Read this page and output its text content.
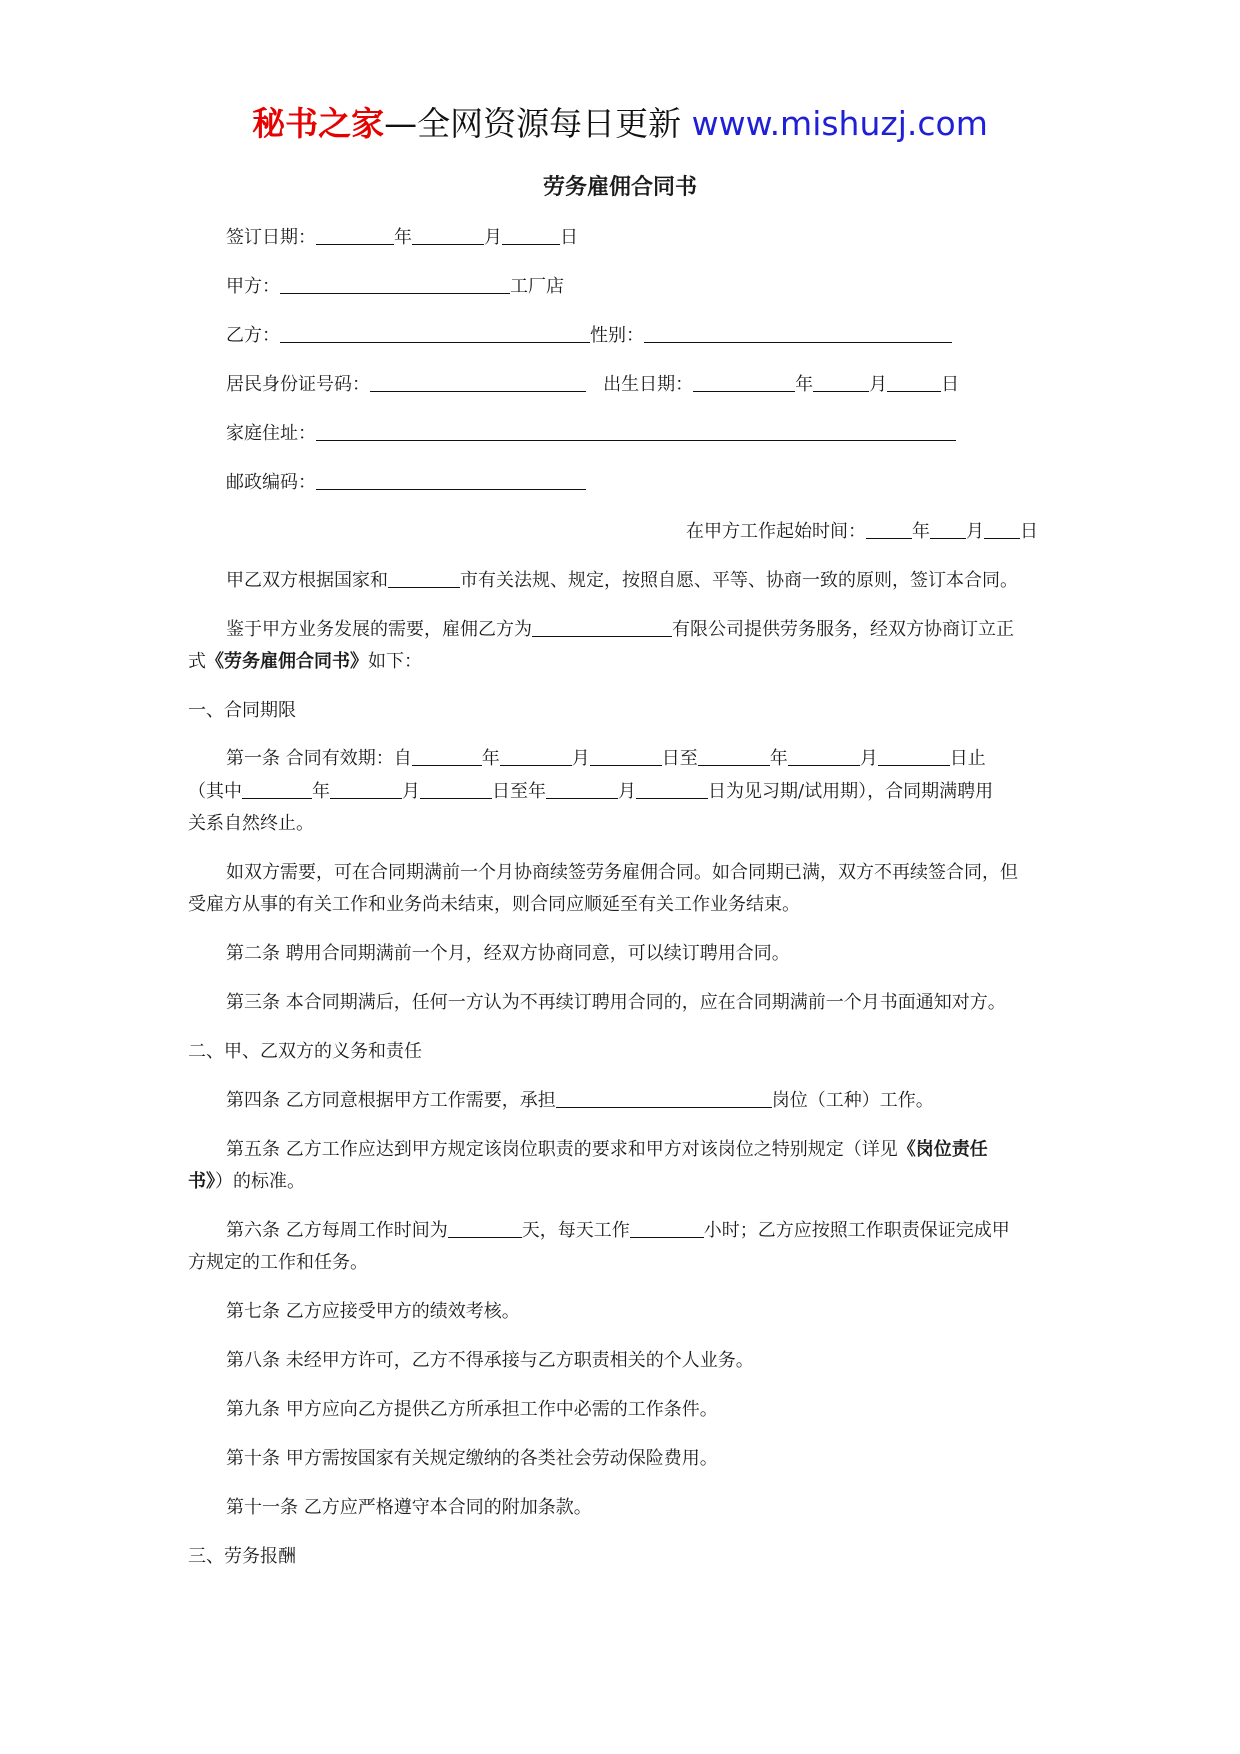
秘书之家—全网资源每日更新 www.mishuzj.com
劳务雇佣合同书
签订日期：	年	月	日
甲方：	工厂店
乙方：	性别：
居民身份证号码：	出生日期：	年	月	日
家庭住址：
邮政编码：
在甲方工作起始时间：	年 月 日
甲乙双方根据国家和	市有关法规、规定，按照自愿、平等、协商一致的原则，签订本合同。
鉴于甲方业务发展的需要，雇佣乙方为	有限公司提供劳务服务，经双方协商订立正
式《劳务雇佣合同书》如下：
一、合同期限
第一条 合同有效期：自	年	月	日至	年	月	日止
（其中	年	月	日至年	月	日为见习期/试用期），合同期满聘用
关系自然终止。
如双方需要，可在合同期满前一个月协商续签劳务雇佣合同。如合同期已满，双方不再续签合同，但
受雇方从事的有关工作和业务尚未结束，则合同应顺延至有关工作业务结束。
第二条 聘用合同期满前一个月，经双方协商同意，可以续订聘用合同。
第三条 本合同期满后，任何一方认为不再续订聘用合同的，应在合同期满前一个月书面通知对方。
二、甲、乙双方的义务和责任
第四条 乙方同意根据甲方工作需要，承担	岗位（工种）工作。
第五条 乙方工作应达到甲方规定该岗位职责的要求和甲方对该岗位之特别规定（详见《岗位责任
书》）的标准。
第六条 乙方每周工作时间为	天，每天工作	小时；乙方应按照工作职责保证完成甲
方规定的工作和任务。
第七条 乙方应接受甲方的绩效考核。
第八条 未经甲方许可，乙方不得承接与乙方职责相关的个人业务。
第九条 甲方应向乙方提供乙方所承担工作中必需的工作条件。
第十条 甲方需按国家有关规定缴纳的各类社会劳动保险费用。
第十一条 乙方应严格遵守本合同的附加条款。
三、劳务报酬
